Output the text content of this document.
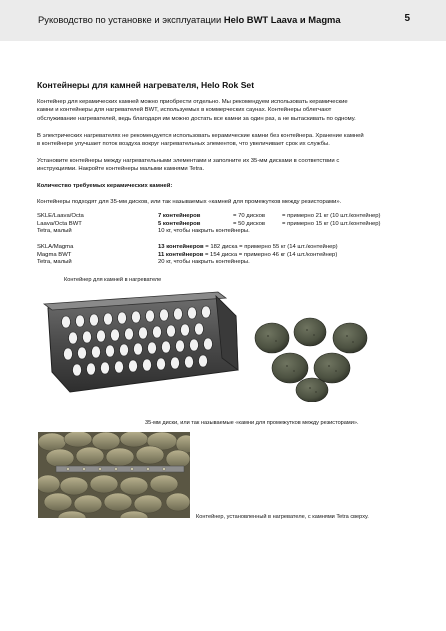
Руководство по установке и эксплуатации Helo BWT Laava и Magma	5
Контейнеры для камней нагревателя, Helo Rok Set
Контейнер для керамических камней можно приобрести отдельно. Мы рекомендуем использовать керамические
камни и контейнеры для нагревателей BWT, используемых в коммерческих саунах. Контейнеры облегчают
обслуживание нагревателей, ведь благодаря им можно достать все камни за один раз, а не вытаскивать по одному.
В электрических нагревателях не рекомендуется использовать керамические камни без контейнера. Хранение камней
в контейнере улучшает поток воздуха вокруг нагревательных элементов, что увеличивает срок их службы.
Установите контейнеры между нагревательными элементами и заполните их 35-мм дисками в соответствии с
инструкциями. Накройте контейнеры малыми камнями Tetra.
Количество требуемых керамических камней:
Контейнеры подходят для 35-мм дисков, или так называемых «камней для промежутков между резисторами».
SKLE/Laava/Octa	7 контейнеров	= 70 дисков	= примерно 21 кг (10 шт./контейнер)
Laava/Octa BWT	5 контейнеров	= 50 дисков	= примерно 15 кг (10 шт./контейнер)
Tetra, малый	10 кг, чтобы накрыть контейнеры.
SKLA/Magma	13 контейнеров = 182 диска = примерно 55 кг (14 шт./контейнер)
Magma BWT	11 контейнеров = 154 диска = примерно 46 кг (14 шт./контейнер)
Tetra, малый	20 кг, чтобы накрыть контейнеры.
Контейнер для камней в нагревателе
35-мм диски, или так называемые «камни для промежутков между резисторами».
Контейнер, установленный в нагревателе, с камнями Tetra сверху.
